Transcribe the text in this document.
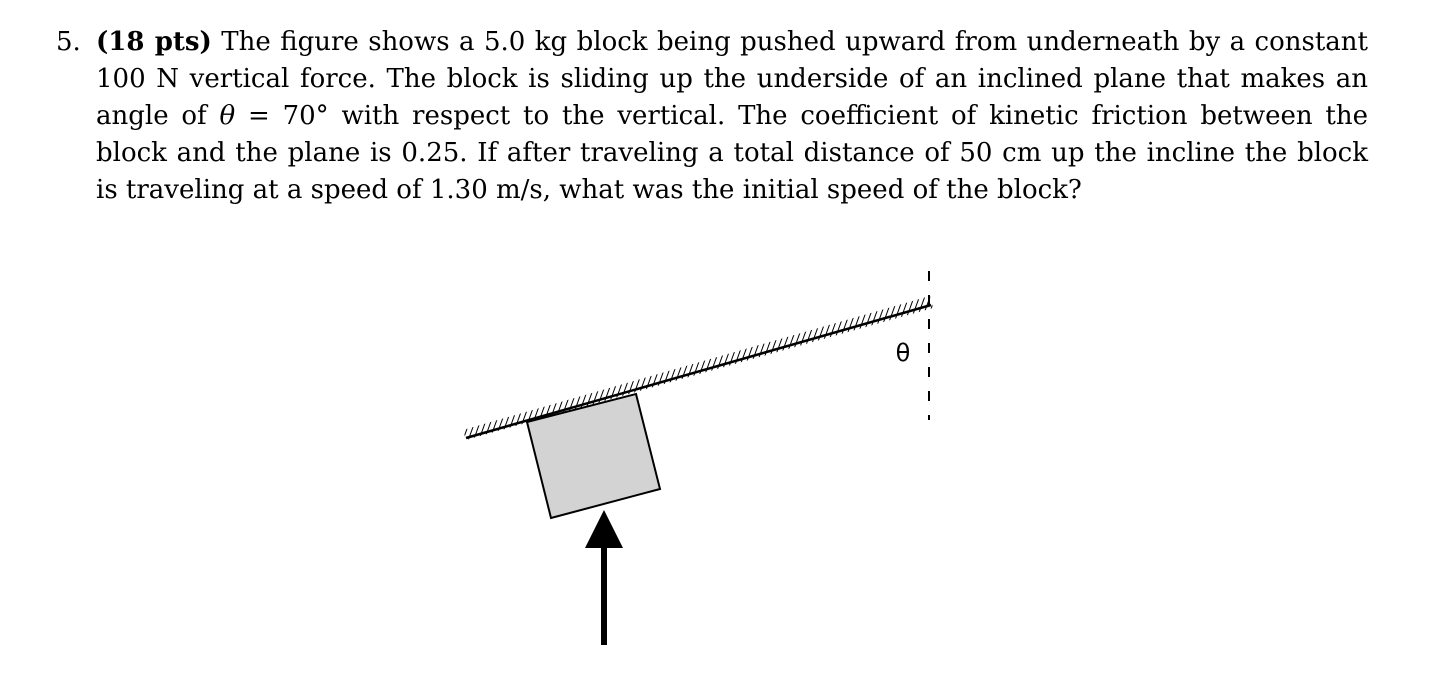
5. (18 pts) The figure shows a 5.0 kg block being pushed upward from underneath by a constant 100 N vertical force. The block is sliding up the underside of an inclined plane that makes an angle of θ = 70° with respect to the vertical. The coefficient of kinetic friction between the block and the plane is 0.25. If after traveling a total distance of 50 cm up the incline the block is traveling at a speed of 1.30 m/s, what was the initial speed of the block?
θ
